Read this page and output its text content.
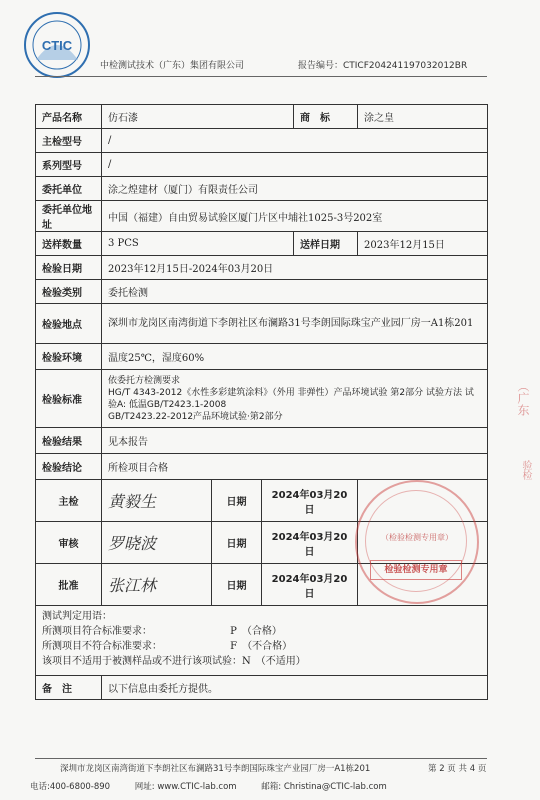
CTIC
中检测试技术（广东）集团有限公司	报告编号：CTICF204241197032012BR
产品名称	仿石漆			商　标	涂之皇
主检型号	/				
系列型号	/				
委托单位	涂之煌建材（厦门）有限责任公司				
委托单位地址	中国（福建）自由贸易试验区厦门片区中埔社1025-3号202室				
送样数量	3 PCS			送样日期	2023年12月15日
检验日期	2023年12月15日-2024年03月20日				
检验类别	委托检测				
检验地点	深圳市龙岗区南湾街道下李朗社区布澜路31号李朗国际珠宝产业园厂房一A1栋201				
检验环境	温度25℃，湿度60%				
检验标准	依委托方检测要求
HG/T 4343-2012《水性多彩建筑涂料》（外用 非弹性）产品环境试验 第2部分 试验方法 试验A: 低温GB/T2423.1-2008
GB/T2423.22-2012产品环境试验·第2部分				

检验结果	见本报告				
检验结论	所检项目合格				
主检	黄毅生	日期	2024年03月20日		
审核	罗晓波	日期	2024年03月20日		
批准	张江林	日期	2024年03月20日		

测试判定用语：
所测项目符合标准要求：　　　　　　　　 P　（合格）
所测项目不符合标准要求：　　　　　　　 F　（不合格）
该项目不适用于被测样品或不进行该项试验：N　（不适用）					

备　注	以下信息由委托方提供。				
（检验检测专用章）
检验检测专用章
（广东
验检
深圳市龙岗区南湾街道下李朗社区布澜路31号李朗国际珠宝产业园厂房一A1栋201	第 2 页 共 4 页
电话:400-6800-890	网址: www.CTIC-lab.com	邮箱: Christina@CTIC-lab.com
